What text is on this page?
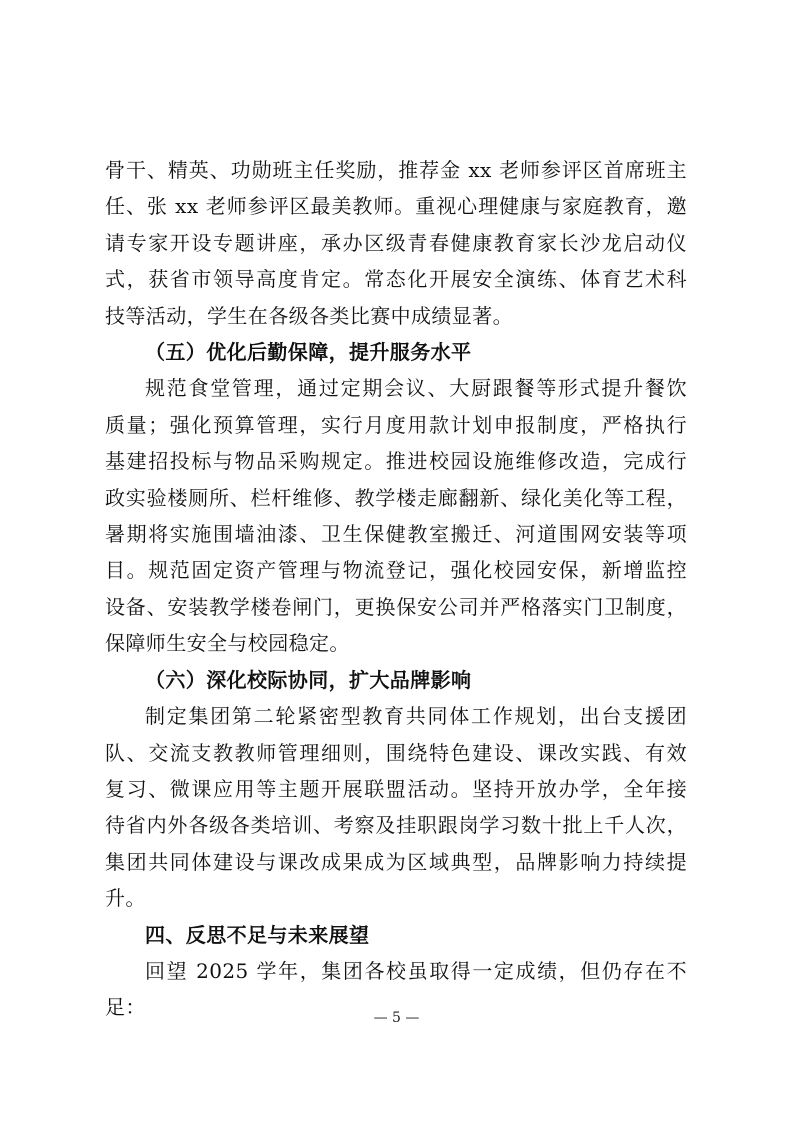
骨干、精英、功勋班主任奖励，推荐金 xx 老师参评区首席班主
任、张 xx 老师参评区最美教师。重视心理健康与家庭教育，邀
请专家开设专题讲座，承办区级青春健康教育家长沙龙启动仪
式，获省市领导高度肯定。常态化开展安全演练、体育艺术科
技等活动，学生在各级各类比赛中成绩显著。
（五）优化后勤保障，提升服务水平
规范食堂管理，通过定期会议、大厨跟餐等形式提升餐饮
质量；强化预算管理，实行月度用款计划申报制度，严格执行
基建招投标与物品采购规定。推进校园设施维修改造，完成行
政实验楼厕所、栏杆维修、教学楼走廊翻新、绿化美化等工程，
暑期将实施围墙油漆、卫生保健教室搬迁、河道围网安装等项
目。规范固定资产管理与物流登记，强化校园安保，新增监控
设备、安装教学楼卷闸门，更换保安公司并严格落实门卫制度，
保障师生安全与校园稳定。
（六）深化校际协同，扩大品牌影响
制定集团第二轮紧密型教育共同体工作规划，出台支援团
队、交流支教教师管理细则，围绕特色建设、课改实践、有效
复习、微课应用等主题开展联盟活动。坚持开放办学，全年接
待省内外各级各类培训、考察及挂职跟岗学习数十批上千人次，
集团共同体建设与课改成果成为区域典型，品牌影响力持续提
升。
四、反思不足与未来展望
回望 2025 学年，集团各校虽取得一定成绩，但仍存在不足：	— 5 —
